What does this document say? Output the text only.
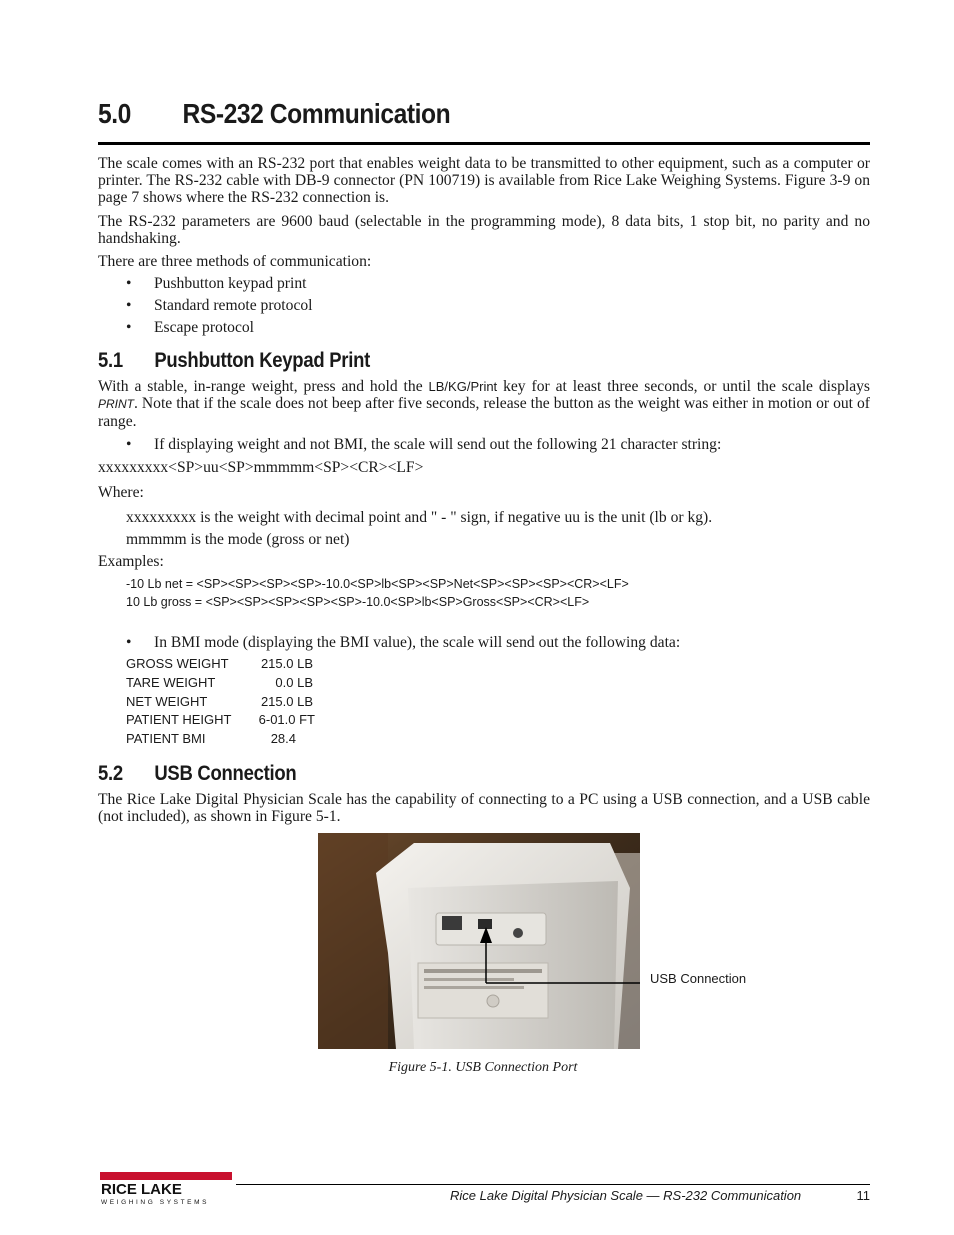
5.0 RS-232 Communication
The scale comes with an RS-232 port that enables weight data to be transmitted to other equipment, such as a computer or printer. The RS-232 cable with DB-9 connector (PN 100719) is available from Rice Lake Weighing Systems. Figure 3-9 on page 7 shows where the RS-232 connection is.
The RS-232 parameters are 9600 baud (selectable in the programming mode), 8 data bits, 1 stop bit, no parity and no handshaking.
There are three methods of communication:
• Pushbutton keypad print
• Standard remote protocol
• Escape protocol
5.1 Pushbutton Keypad Print
With a stable, in-range weight, press and hold the LB/KG/Print key for at least three seconds, or until the scale displays PRINT. Note that if the scale does not beep after five seconds, release the button as the weight was either in motion or out of range.
• If displaying weight and not BMI, the scale will send out the following 21 character string:
xxxxxxxxx<SP>uu<SP>mmmmm<SP><CR><LF>
Where:
xxxxxxxxx is the weight with decimal point and " - " sign, if negative uu is the unit (lb or kg).
mmmmm is the mode (gross or net)
Examples:
-10 Lb net = <SP><SP><SP><SP>-10.0<SP>lb<SP><SP>Net<SP><SP><SP><CR><LF>
10 Lb gross = <SP><SP><SP><SP><SP>-10.0<SP>lb<SP>Gross<SP><CR><LF>
• In BMI mode (displaying the BMI value), the scale will send out the following data:
GROSS WEIGHT 215.0 LB
TARE WEIGHT	0.0 LB
NET WEIGHT	215.0 LB
PATIENT HEIGHT 6-01.0 FT
PATIENT BMI	28.4
5.2 USB Connection
The Rice Lake Digital Physician Scale has the capability of connecting to a PC using a USB connection, and a USB cable (not included), as shown in Figure 5-1.
USB Connection
Figure 5-1. USB Connection Port
RICE LAKE
WEIGHING SYSTEMS	Rice Lake Digital Physician Scale — RS-232 Communication	11
